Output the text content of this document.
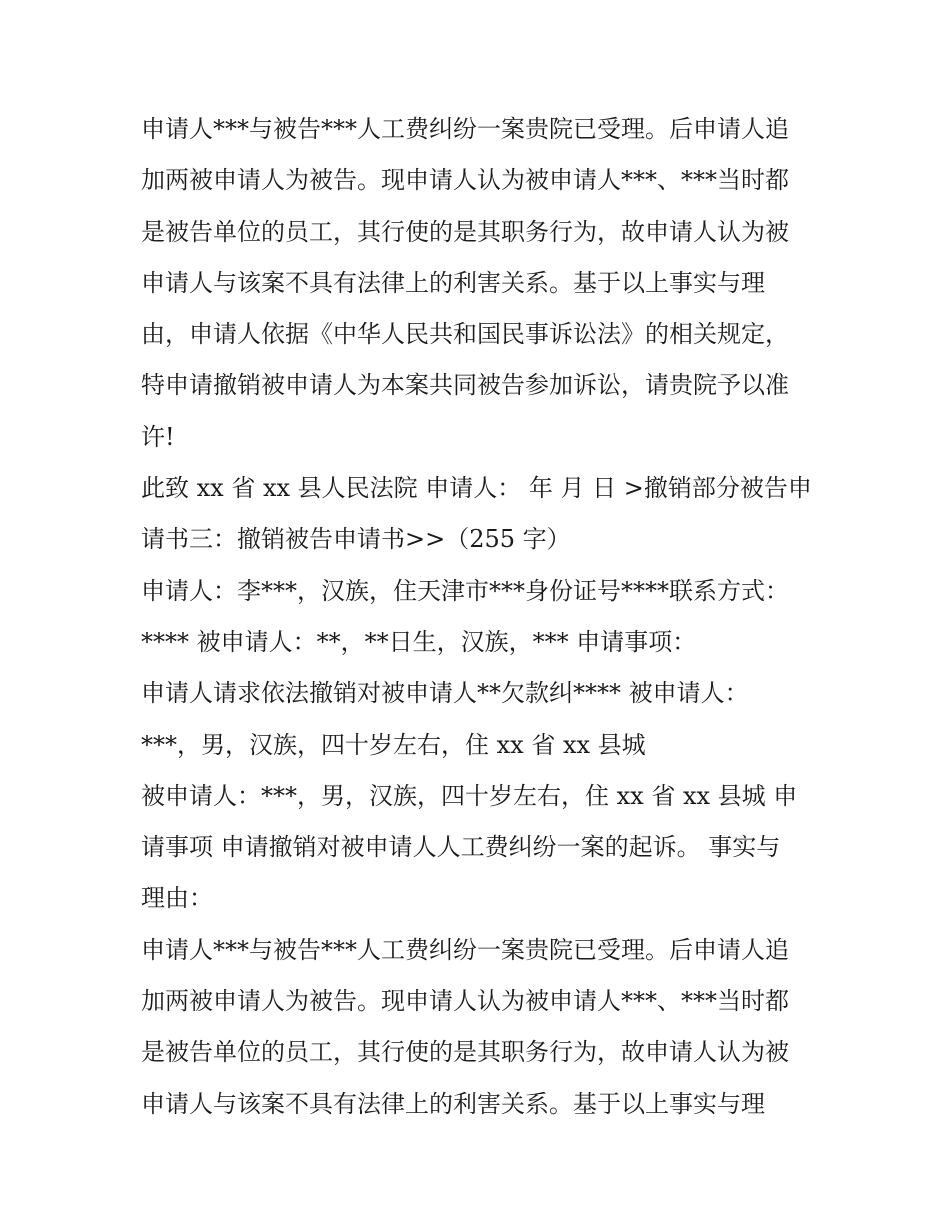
申请人***与被告***人工费纠纷一案贵院已受理。后申请人追
加两被申请人为被告。现申请人认为被申请人***、***当时都
是被告单位的员工，其行使的是其职务行为，故申请人认为被
申请人与该案不具有法律上的利害关系。基于以上事实与理
由，申请人依据《中华人民共和国民事诉讼法》的相关规定，
特申请撤销被申请人为本案共同被告参加诉讼，请贵院予以准
许!
此致 xx 省 xx 县人民法院 申请人： 年 月 日 >撤销部分被告申
请书三：撤销被告申请书>>（255 字）
申请人：李***，汉族，住天津市***身份证号****联系方式：
**** 被申请人：**，**日生，汉族，*** 申请事项：
申请人请求依法撤销对被申请人**欠款纠**** 被申请人：
***，男，汉族，四十岁左右，住 xx 省 xx 县城
被申请人：***，男，汉族，四十岁左右，住 xx 省 xx 县城 申
请事项 申请撤销对被申请人人工费纠纷一案的起诉。 事实与
理由：
申请人***与被告***人工费纠纷一案贵院已受理。后申请人追
加两被申请人为被告。现申请人认为被申请人***、***当时都
是被告单位的员工，其行使的是其职务行为，故申请人认为被
申请人与该案不具有法律上的利害关系。基于以上事实与理
